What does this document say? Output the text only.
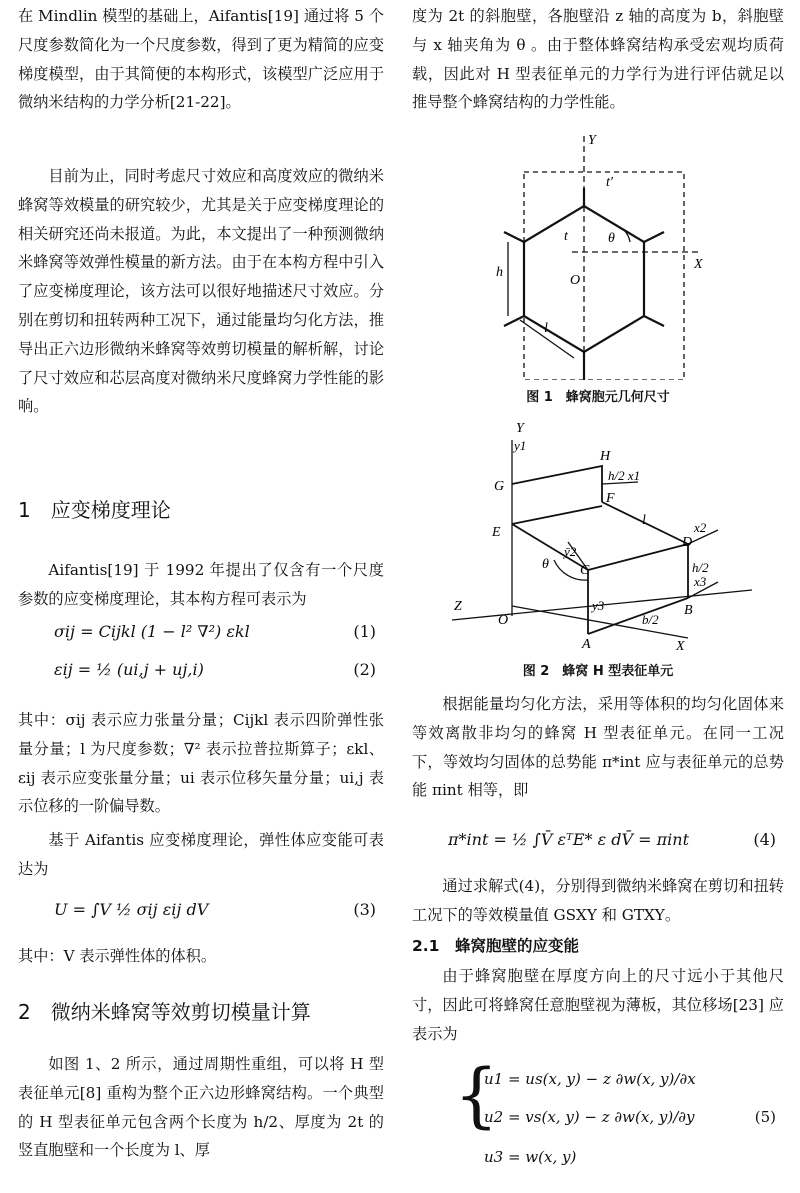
在 Mindlin 模型的基础上，Aifantis[19] 通过将 5 个尺度参数简化为一个尺度参数，得到了更为精简的应变梯度模型，由于其简便的本构形式，该模型广泛应用于微纳米结构的力学分析[21-22]。

目前为止，同时考虑尺寸效应和高度效应的微纳米蜂窝等效模量的研究较少，尤其是关于应变梯度理论的相关研究还尚未报道。为此，本文提出了一种预测微纳米蜂窝等效弹性模量的新方法。由于在本构方程中引入了应变梯度理论，该方法可以很好地描述尺寸效应。分别在剪切和扭转两种工况下，通过能量均匀化方法，推导出正六边形微纳米蜂窝等效剪切模量的解析解，讨论了尺寸效应和芯层高度对微纳米尺度蜂窝力学性能的影响。

1　应变梯度理论

Aifantis[19] 于 1992 年提出了仅含有一个尺度参数的应变梯度理论，其本构方程可表示为

σij = Cijkl (1 − l² ∇²) εkl	(1)
εij = ½ (ui,j + uj,i)	(2)

其中：σij 表示应力张量分量；Cijkl 表示四阶弹性张量分量；l 为尺度参数；∇² 表示拉普拉斯算子；εkl、εij 表示应变张量分量；ui 表示位移矢量分量；ui,j 表示位移的一阶偏导数。

基于 Aifantis 应变梯度理论，弹性体应变能可表达为

U = ∫V ½ σij εij dV	(3)

其中：V 表示弹性体的体积。

2　微纳米蜂窝等效剪切模量计算

如图 1、2 所示，通过周期性重组，可以将 H 型表征单元[8] 重构为整个正六边形蜂窝结构。一个典型的 H 型表征单元包含两个长度为 h/2、厚度为 2t 的竖直胞壁和一个长度为 l、厚

度为 2t 的斜胞壁，各胞壁沿 z 轴的高度为 b，斜胞壁与 x 轴夹角为 θ 。由于整体蜂窝结构承受宏观均质荷载，因此对 H 型表征单元的力学行为进行评估就足以推导整个蜂窝结构的力学性能。

Y
X
O
t′
t	θ
h
l
图 1　蜂窝胞元几何尺寸
Y
y1
H
G
F
h/2 x1
l
E	x2
D
ȳ2
θ C	h/2
x3
Z
O
y3	B
b/2
A	X
图 2　蜂窝 H 型表征单元

根据能量均匀化方法，采用等体积的均匀化固体来等效离散非均匀的蜂窝 H 型表征单元。在同一工况下，等效均匀固体的总势能 π*int 应与表征单元的总势能 πint 相等，即

π*int = ½ ∫V̄ εᵀE* ε dV̄ = πint	(4)

通过求解式(4)，分别得到微纳米蜂窝在剪切和扭转工况下的等效模量值 GSXY 和 GTXY。

2.1　蜂窝胞壁的应变能

由于蜂窝胞壁在厚度方向上的尺寸远小于其他尺寸，因此可将蜂窝任意胞壁视为薄板，其位移场[23] 应表示为

{
u1 = us(x, y) − z ∂w(x, y)/∂x
u2 = vs(x, y) − z ∂w(x, y)/∂y
u3 = w(x, y)
(5)
